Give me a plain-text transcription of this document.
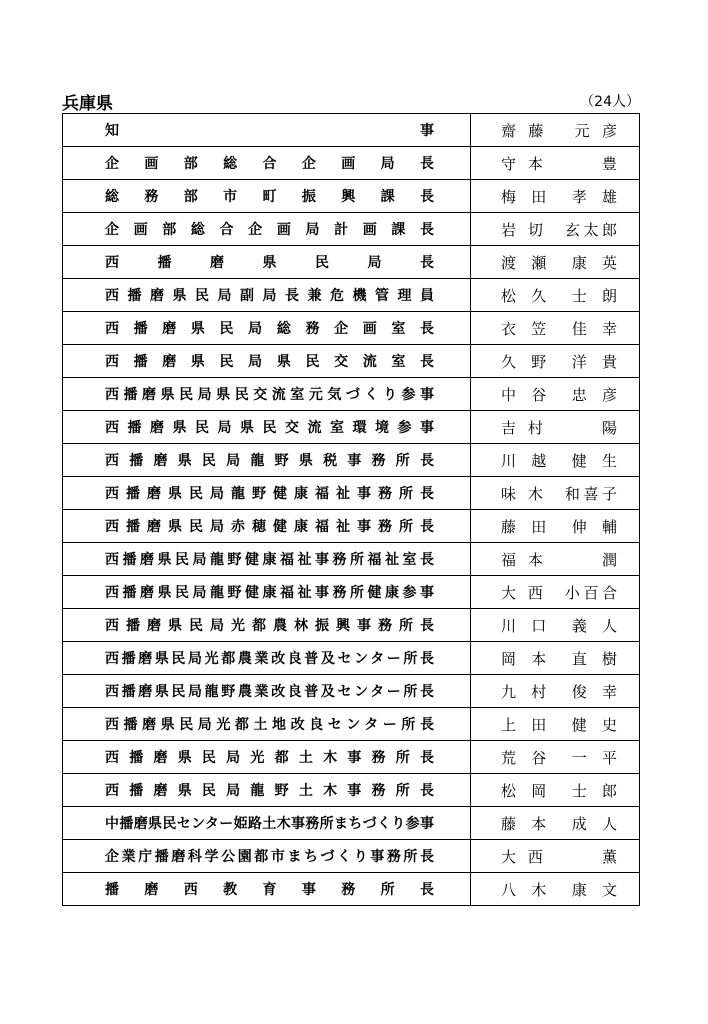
兵庫県	（24人）
知　　　　　　　　　　　　　　　　事	齋 藤　 元 彦
企画部総合企画局長	守 本　　　豊
総務部市町振興課長	梅 田　孝 雄
企画部総合企画局計画課長	岩 切　玄太郎
西播磨県民局長	渡 瀬　康 英
西播磨県民局副局長兼危機管理員	松 久　士 朗
西播磨県民局総務企画室長	衣 笠　佳 幸
西播磨県民局県民交流室長	久 野　洋 貴
西播磨県民局県民交流室元気づくり参事	中 谷　忠 彦
西播磨県民局県民交流室環境参事	吉 村　　　陽
西播磨県民局龍野県税事務所長	川 越　健 生
西播磨県民局龍野健康福祉事務所長	味 木　和喜子
西播磨県民局赤穂健康福祉事務所長	藤 田　伸 輔
西播磨県民局龍野健康福祉事務所福祉室長	福 本　　　潤
西播磨県民局龍野健康福祉事務所健康参事	大 西　小百合
西播磨県民局光都農林振興事務所長	川 口　義 人
西播磨県民局光都農業改良普及センター所長	岡 本　直 樹
西播磨県民局龍野農業改良普及センター所長	九 村　俊 幸
西播磨県民局光都土地改良センター所長	上 田　健 史
西播磨県民局光都土木事務所長	荒 谷　一 平
西播磨県民局龍野土木事務所長	松 岡　士 郎
中播磨県民センター姫路土木事務所まちづくり参事	藤 本　成 人
企業庁播磨科学公園都市まちづくり事務所長	大 西　　　薫
播磨西教育事務所長	八 木　康 文
